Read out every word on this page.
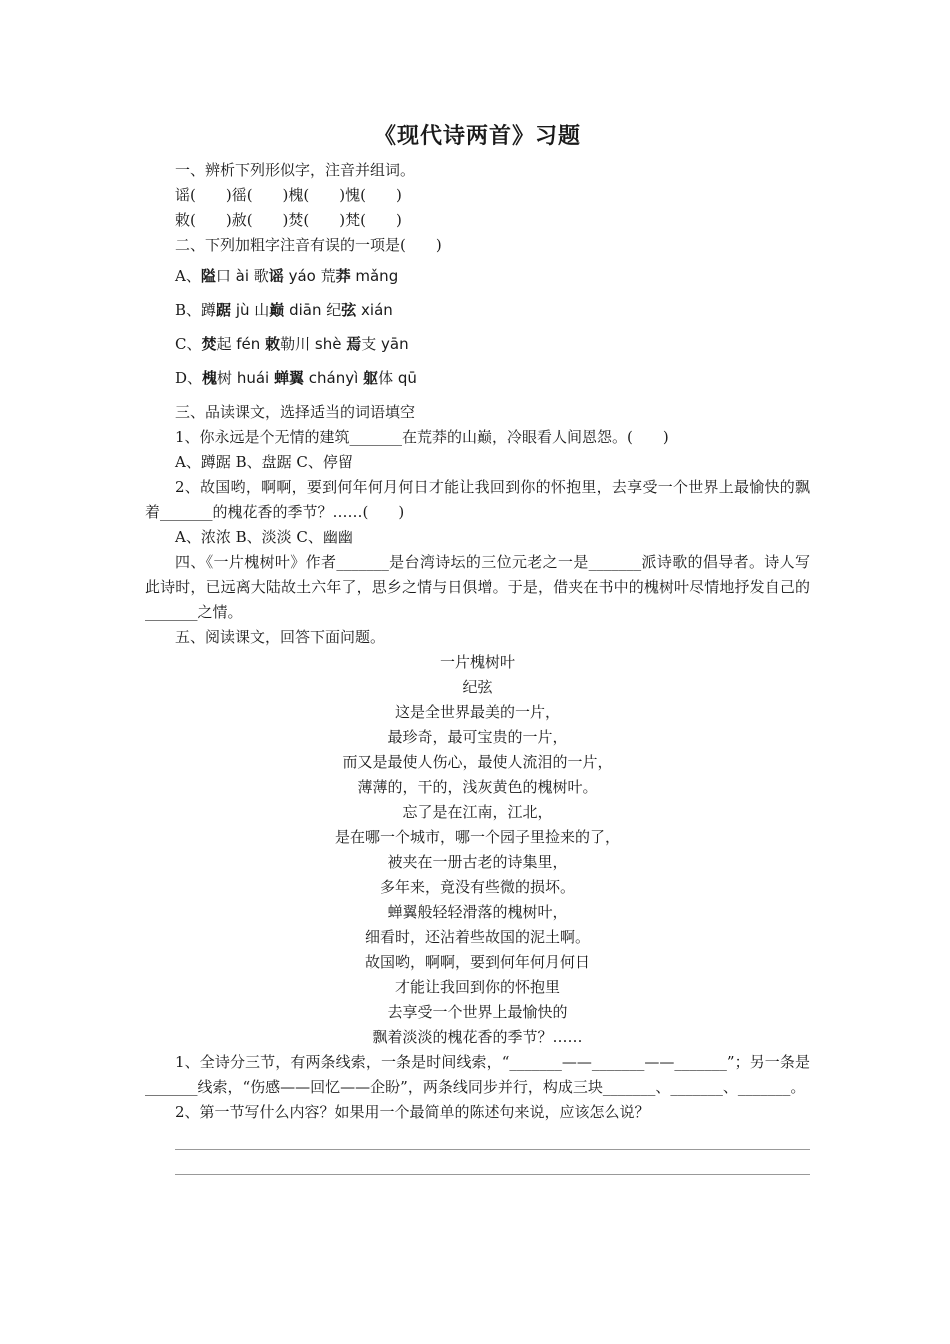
《现代诗两首》习题
一、辨析下列形似字，注音并组词。
谣(　　)徭(　　)槐(　　)愧(　　)
敕(　　)赦(　　)焚(　　)梵(　　)
二、下列加粗字注音有误的一项是(　　)
A、隘口 ài 歌谣 yáo 荒莽 mǎng
B、蹲踞 jù 山巅 diān 纪弦 xián
C、焚起 fén 敕勒川 shè 焉支 yān
D、槐树 huái 蝉翼 chányì 躯体 qū
三、品读课文，选择适当的词语填空
1、你永远是个无情的建筑_______在荒莽的山巅，冷眼看人间恩怨。(　　)
A、蹲踞 B、盘踞 C、停留
2、故国哟，啊啊，要到何年何月何日才能让我回到你的怀抱里，去享受一个世界上最愉快的飘着_______的槐花香的季节？……(　　)
A、浓浓 B、淡淡 C、幽幽
四、《一片槐树叶》作者_______是台湾诗坛的三位元老之一是_______派诗歌的倡导者。诗人写此诗时，已远离大陆故土六年了，思乡之情与日俱增。于是，借夹在书中的槐树叶尽情地抒发自己的_______之情。
五、阅读课文，回答下面问题。
一片槐树叶
纪弦
这是全世界最美的一片，
最珍奇，最可宝贵的一片，
而又是最使人伤心，最使人流泪的一片，
薄薄的，干的，浅灰黄色的槐树叶。
忘了是在江南，江北，
是在哪一个城市，哪一个园子里捡来的了，
被夹在一册古老的诗集里，
多年来，竟没有些微的损坏。
蝉翼般轻轻滑落的槐树叶，
细看时，还沾着些故国的泥土啊。
故国哟，啊啊，要到何年何月何日
才能让我回到你的怀抱里
去享受一个世界上最愉快的
飘着淡淡的槐花香的季节？……
1、全诗分三节，有两条线索，一条是时间线索，“_______——_______——_______”；另一条是_______线索，“伤感——回忆——企盼”，两条线同步并行，构成三块_______、_______、_______。
2、第一节写什么内容？如果用一个最简单的陈述句来说，应该怎么说？
